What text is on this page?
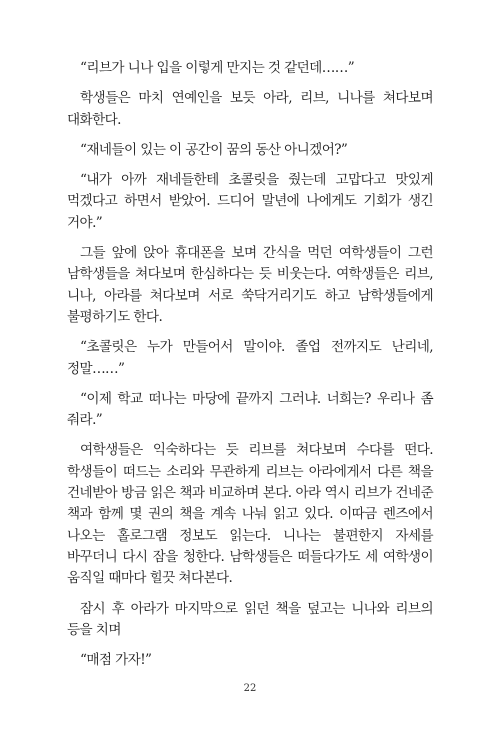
“리브가 니나 입을 이렇게 만지는 것 같던데……”

학생들은 마치 연예인을 보듯 아라, 리브, 니나를 쳐다보며 대화한다.

“재네들이 있는 이 공간이 꿈의 동산 아니겠어?”

“내가 아까 재네들한테 초콜릿을 줬는데 고맙다고 맛있게 먹겠다고 하면서 받았어. 드디어 말년에 나에게도 기회가 생긴 거야.”

그들 앞에 앉아 휴대폰을 보며 간식을 먹던 여학생들이 그런 남학생들을 쳐다보며 한심하다는 듯 비웃는다. 여학생들은 리브, 니나, 아라를 쳐다보며 서로 쑥닥거리기도 하고 남학생들에게 불평하기도 한다.

“초콜릿은 누가 만들어서 말이야. 졸업 전까지도 난리네, 정말……”

“이제 학교 떠나는 마당에 끝까지 그러냐. 너희는? 우리나 좀 줘라.”

여학생들은 익숙하다는 듯 리브를 쳐다보며 수다를 떤다. 학생들이 떠드는 소리와 무관하게 리브는 아라에게서 다른 책을 건네받아 방금 읽은 책과 비교하며 본다. 아라 역시 리브가 건네준 책과 함께 몇 권의 책을 계속 나눠 읽고 있다. 이따금 렌즈에서 나오는 홀로그램 정보도 읽는다. 니나는 불편한지 자세를 바꾸더니 다시 잠을 청한다. 남학생들은 떠들다가도 세 여학생이 움직일 때마다 힐끗 쳐다본다.

잠시 후 아라가 마지막으로 읽던 책을 덮고는 니나와 리브의 등을 치며

“매점 가자!”

22
